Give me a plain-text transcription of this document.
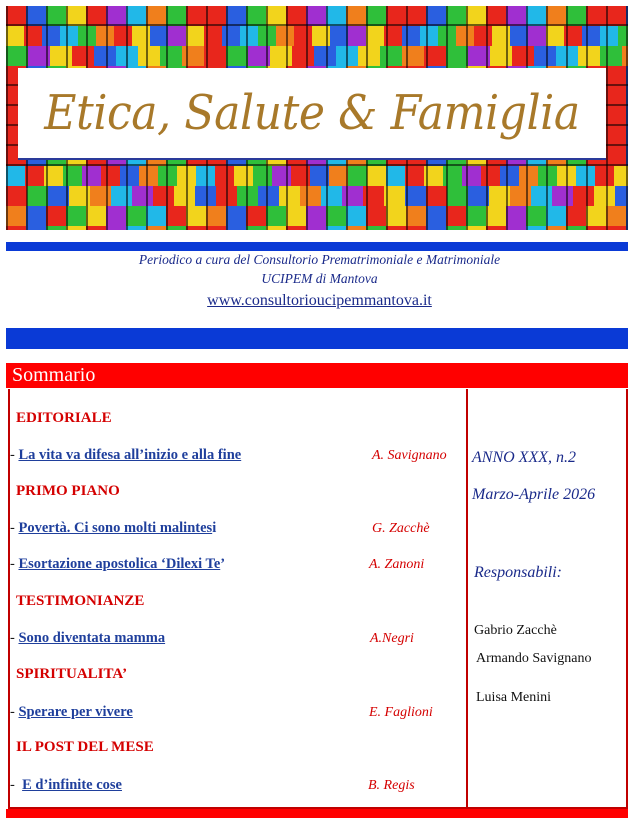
Etica, Salute & Famiglia
Periodico a cura del Consultorio Prematrimoniale e Matrimoniale
UCIPEM di Mantova
www.consultorioucipemmantova.it
Sommario
EDITORIALE
- La vita va difesa all’inizio e alla fine	A. Savignano
PRIMO PIANO
- Povertà. Ci sono molti malintesi	G. Zacchè
- Esortazione apostolica ‘Dilexi Te’	A. Zanoni
TESTIMONIANZE
- Sono diventata mamma	A.Negri
SPIRITUALITA’
- Sperare per vivere	E. Faglioni
IL POST DEL MESE
-  E d’infinite cose	B. Regis
ANNO XXX, n.2
Marzo-Aprile 2026
Responsabili:
Gabrio Zacchè
Armando Savignano
Luisa Menini
